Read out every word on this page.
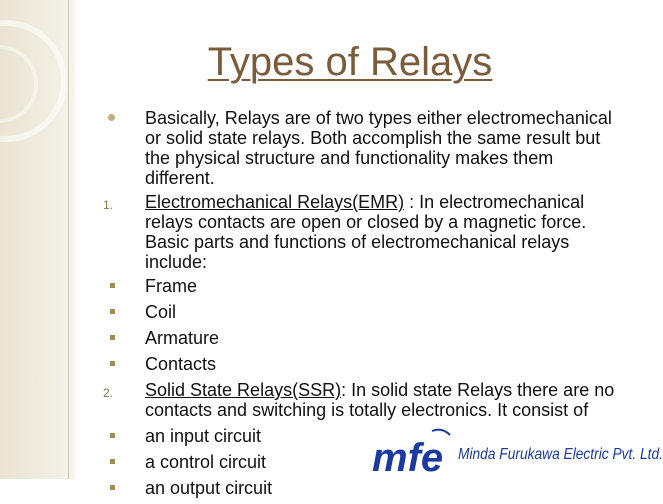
Types of Relays
Basically, Relays are of two types either electromechanical or solid state relays. Both accomplish the same result but the physical structure and functionality makes them different.
1. Electromechanical Relays(EMR) : In electromechanical relays contacts are open or closed by a magnetic force. Basic parts and functions of electromechanical relays include:
Frame
Coil
Armature
Contacts
2. Solid State Relays(SSR): In solid state Relays there are no contacts and switching is totally electronics. It consist of
an input circuit
a control circuit
an output circuit
mfe Minda Furukawa Electric Pvt. Ltd.
